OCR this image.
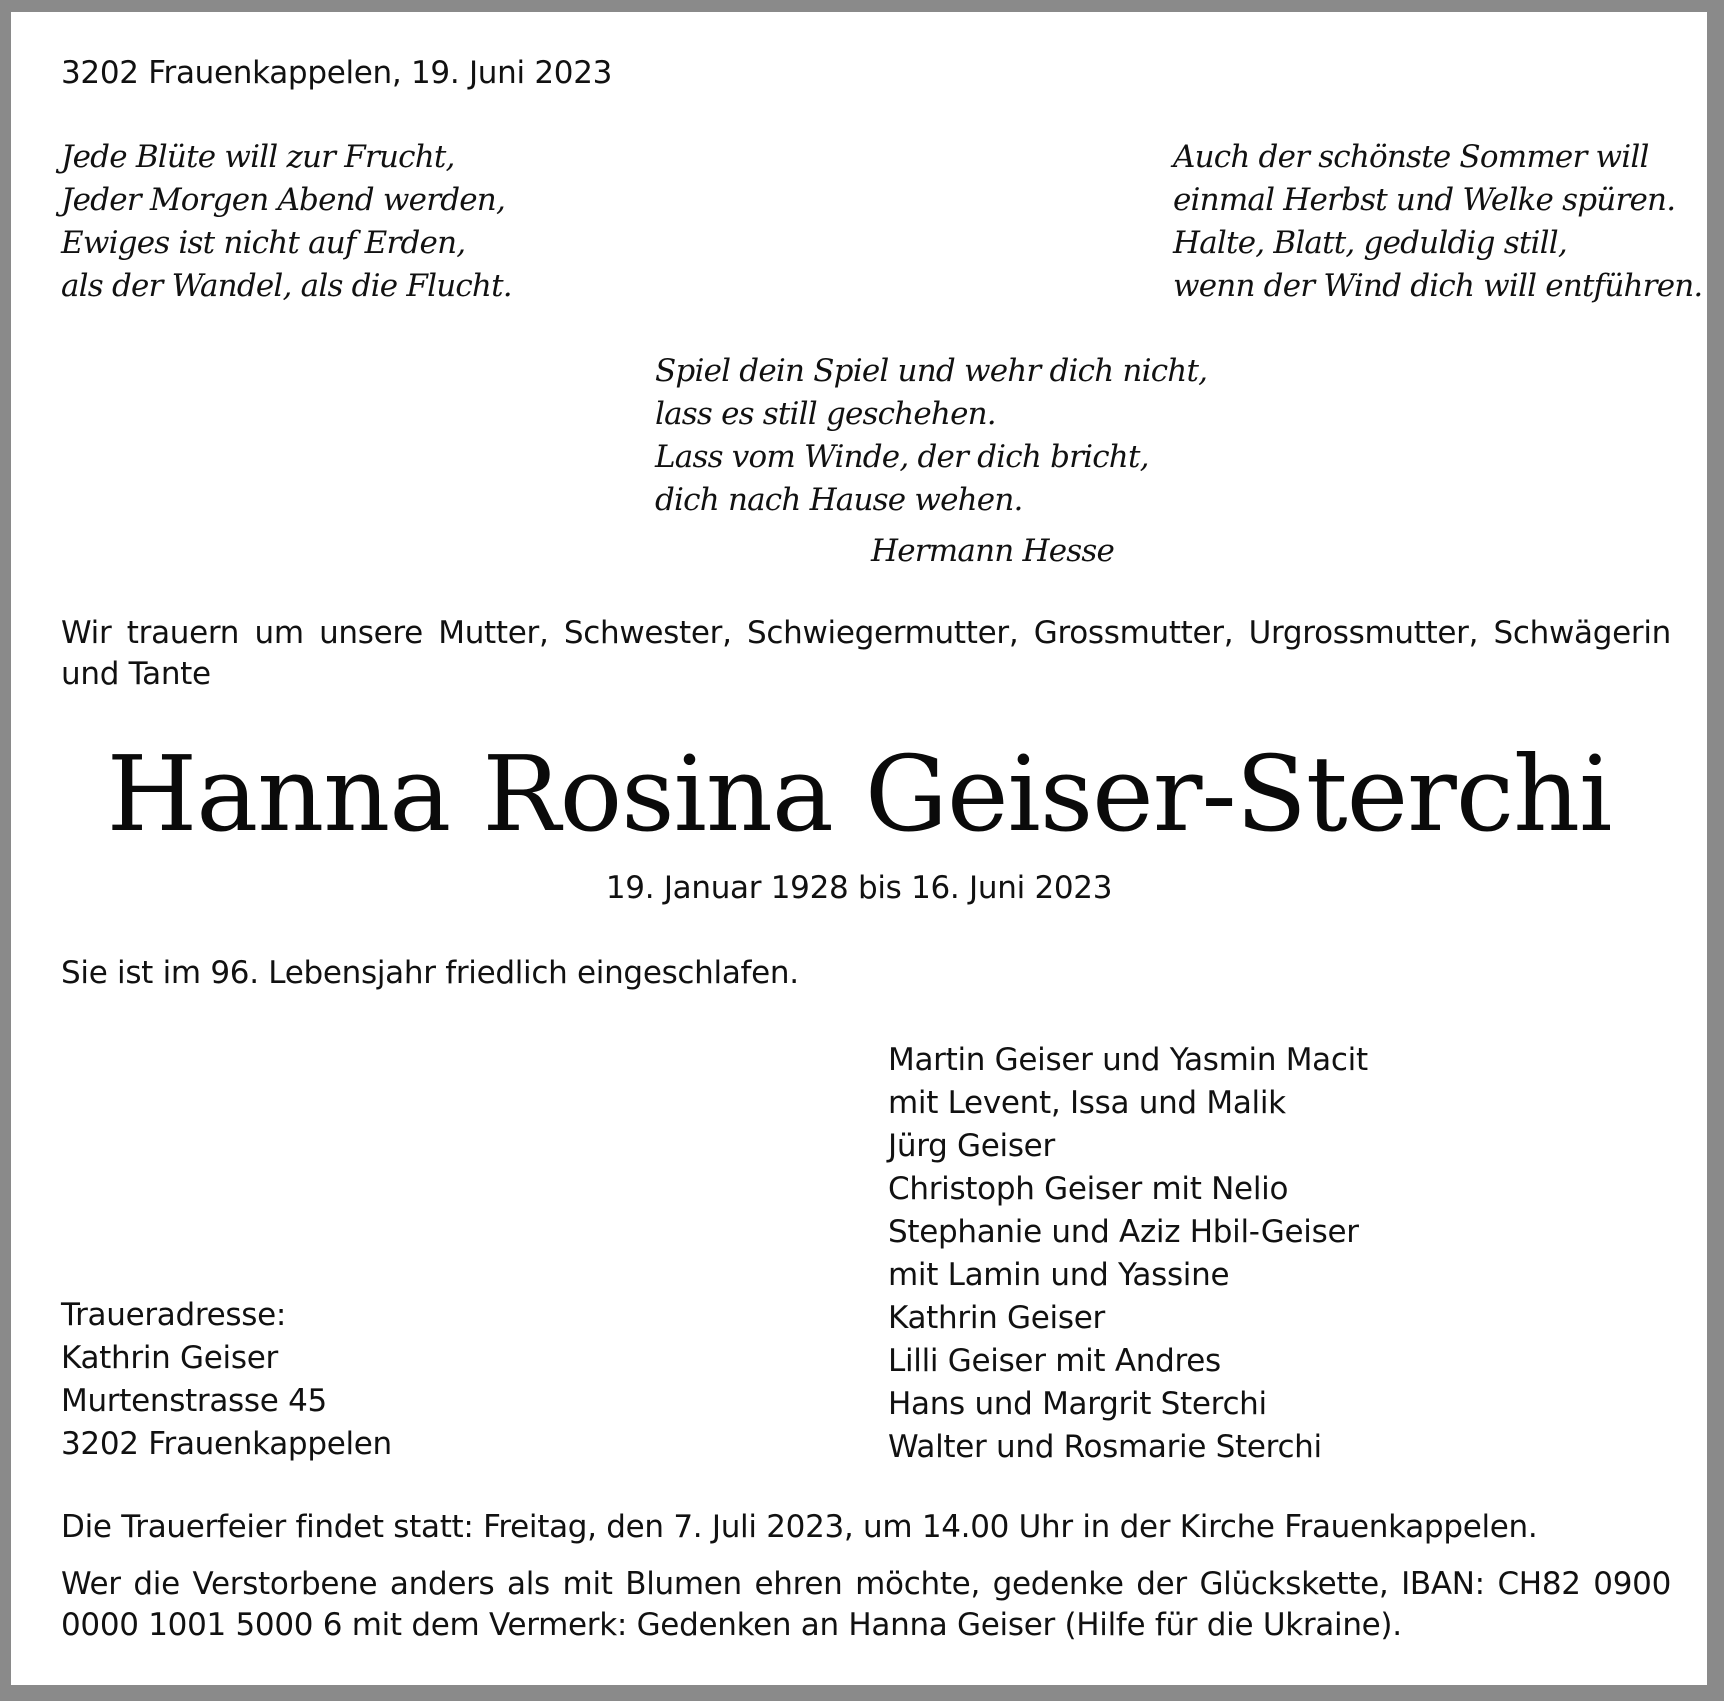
3202 Frauenkappelen, 19. Juni 2023
Jede Blüte will zur Frucht,
Jeder Morgen Abend werden,
Ewiges ist nicht auf Erden,
als der Wandel, als die Flucht.
Auch der schönste Sommer will
einmal Herbst und Welke spüren.
Halte, Blatt, geduldig still,
wenn der Wind dich will entführen.
Spiel dein Spiel und wehr dich nicht,
lass es still geschehen.
Lass vom Winde, der dich bricht,
dich nach Hause wehen.
Hermann Hesse
Wir trauern um unsere Mutter, Schwester, Schwiegermutter, Grossmutter, Urgrossmutter, Schwägerin und Tante
Hanna Rosina Geiser-Sterchi
19. Januar 1928 bis 16. Juni 2023
Sie ist im 96. Lebensjahr friedlich eingeschlafen.
Martin Geiser und Yasmin Macit
mit Levent, Issa und Malik
Jürg Geiser
Christoph Geiser mit Nelio
Stephanie und Aziz Hbil-Geiser
mit Lamin und Yassine
Kathrin Geiser
Lilli Geiser mit Andres
Hans und Margrit Sterchi
Walter und Rosmarie Sterchi
Traueradresse:
Kathrin Geiser
Murtenstrasse 45
3202 Frauenkappelen
Die Trauerfeier findet statt: Freitag, den 7. Juli 2023, um 14.00 Uhr in der Kirche Frauenkappelen.
Wer die Verstorbene anders als mit Blumen ehren möchte, gedenke der Glückskette, IBAN: CH82 0900 0000 1001 5000 6 mit dem Vermerk: Gedenken an Hanna Geiser (Hilfe für die Ukraine).
